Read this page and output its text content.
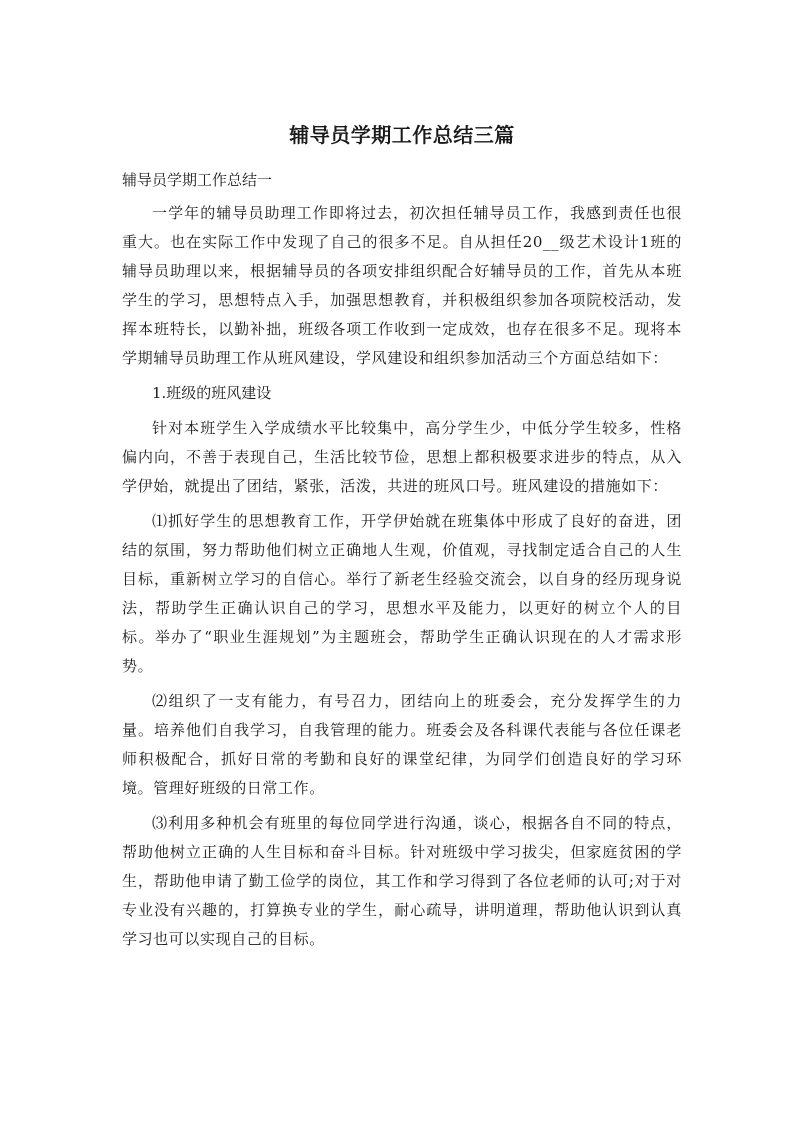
辅导员学期工作总结三篇

辅导员学期工作总结一

一学年的辅导员助理工作即将过去，初次担任辅导员工作，我感到责任也很重大。也在实际工作中发现了自己的很多不足。自从担任20__级艺术设计1班的辅导员助理以来，根据辅导员的各项安排组织配合好辅导员的工作，首先从本班学生的学习，思想特点入手，加强思想教育，并积极组织参加各项院校活动，发挥本班特长，以勤补拙，班级各项工作收到一定成效，也存在很多不足。现将本学期辅导员助理工作从班风建设，学风建设和组织参加活动三个方面总结如下：

1.班级的班风建设

针对本班学生入学成绩水平比较集中，高分学生少，中低分学生较多，性格偏内向，不善于表现自己，生活比较节俭，思想上都积极要求进步的特点，从入学伊始，就提出了团结，紧张，活泼，共进的班风口号。班风建设的措施如下：

⑴抓好学生的思想教育工作，开学伊始就在班集体中形成了良好的奋进，团结的氛围，努力帮助他们树立正确地人生观，价值观，寻找制定适合自己的人生目标，重新树立学习的自信心。举行了新老生经验交流会，以自身的经历现身说法，帮助学生正确认识自己的学习，思想水平及能力，以更好的树立个人的目标。举办了“职业生涯规划”为主题班会，帮助学生正确认识现在的人才需求形势。

⑵组织了一支有能力，有号召力，团结向上的班委会，充分发挥学生的力量。培养他们自我学习，自我管理的能力。班委会及各科课代表能与各位任课老师积极配合，抓好日常的考勤和良好的课堂纪律，为同学们创造良好的学习环境。管理好班级的日常工作。

⑶利用多种机会有班里的每位同学进行沟通，谈心，根据各自不同的特点，帮助他树立正确的人生目标和奋斗目标。针对班级中学习拔尖，但家庭贫困的学生，帮助他申请了勤工俭学的岗位，其工作和学习得到了各位老师的认可;对于对专业没有兴趣的，打算换专业的学生，耐心疏导，讲明道理，帮助他认识到认真学习也可以实现自己的目标。
